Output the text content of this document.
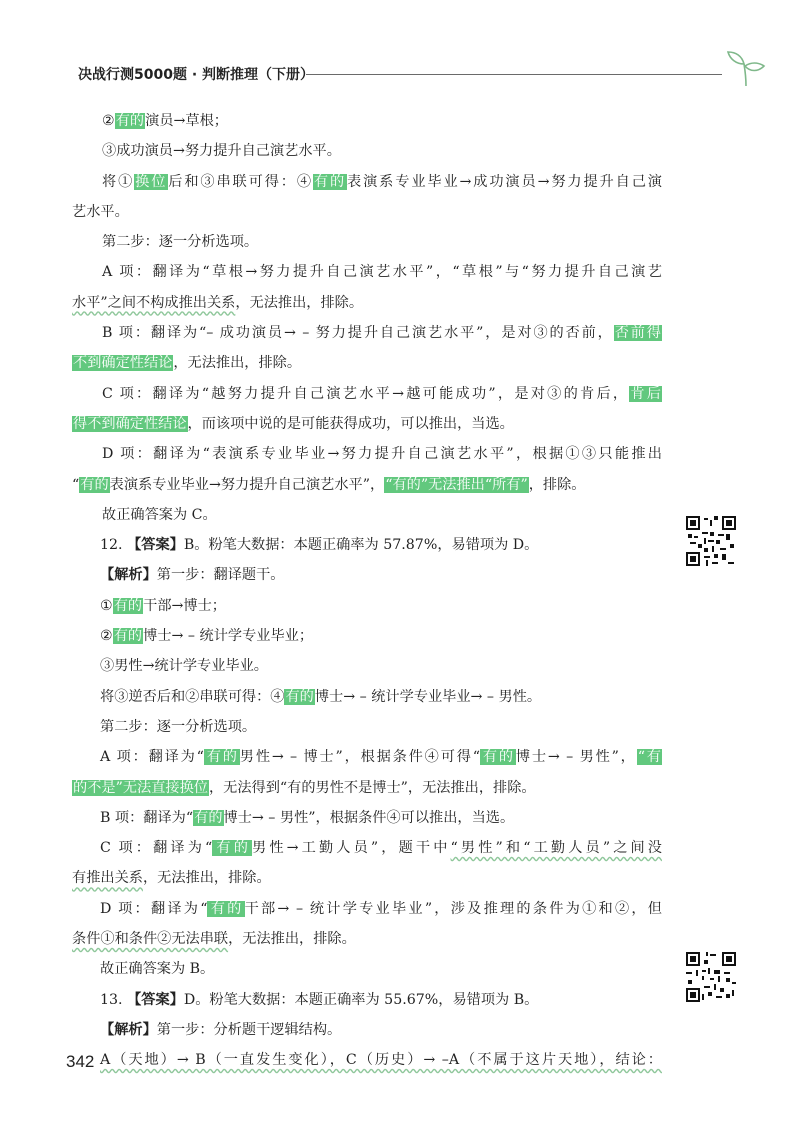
决战行测5000题 · 判断推理（下册）
②有的演员→草根；
③成功演员→努力提升自己演艺水平。
将①换位后和③串联可得：④有的表演系专业毕业→成功演员→努力提升自己演
艺水平。
第二步：逐一分析选项。
A 项：翻译为“草根→努力提升自己演艺水平”，“草根”与“努力提升自己演艺
水平”之间不构成推出关系，无法推出，排除。
B 项：翻译为“– 成功演员→ – 努力提升自己演艺水平”，是对③的否前，否前得
不到确定性结论，无法推出，排除。
C 项：翻译为“越努力提升自己演艺水平→越可能成功”，是对③的肯后，肯后
得不到确定性结论，而该项中说的是可能获得成功，可以推出，当选。
D 项：翻译为“表演系专业毕业→努力提升自己演艺水平”，根据①③只能推出
“有的表演系专业毕业→努力提升自己演艺水平”，“有的”无法推出“所有”，排除。
故正确答案为 C。
12. 【答案】B。粉笔大数据：本题正确率为 57.87%，易错项为 D。
【解析】第一步：翻译题干。
①有的干部→博士；
②有的博士→ – 统计学专业毕业；
③男性→统计学专业毕业。
将③逆否后和②串联可得：④有的博士→ – 统计学专业毕业→ – 男性。
第二步：逐一分析选项。
A 项：翻译为“有的男性→ – 博士”，根据条件④可得“有的博士→ – 男性”，“有
的不是”无法直接换位，无法得到“有的男性不是博士”，无法推出，排除。
B 项：翻译为“有的博士→ – 男性”，根据条件④可以推出，当选。
C 项：翻译为“有的男性→工勤人员”，题干中“男性”和“工勤人员”之间没
有推出关系，无法推出，排除。
D 项：翻译为“有的干部→ – 统计学专业毕业”，涉及推理的条件为①和②，但
条件①和条件②无法串联，无法推出，排除。
故正确答案为 B。
13. 【答案】D。粉笔大数据：本题正确率为 55.67%，易错项为 B。
【解析】第一步：分析题干逻辑结构。
A（天地）→ B（一直发生变化），C（历史）→ –A（不属于这片天地），结论：
342
